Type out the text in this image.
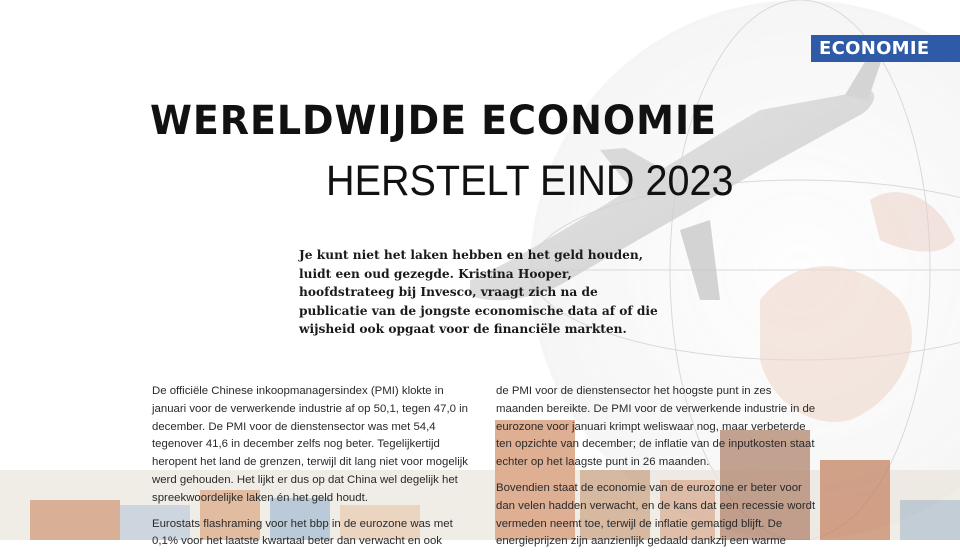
ECONOMIE
WERELDWIJDE ECONOMIE
HERSTELT EIND 2023
Je kunt niet het laken hebben en het geld houden, luidt een oud gezegde. Kristina Hooper, hoofdstrateeg bij Invesco, vraagt zich na de publicatie van de jongste economische data af of die wijsheid ook opgaat voor de financiële markten.

De officiële Chinese inkoopmanagersindex (PMI) klokte in januari voor de verwerkende industrie af op 50,1, tegen 47,0 in december. De PMI voor de dienstensector was met 54,4 tegenover 41,6 in december zelfs nog beter. Tegelijkertijd heropent het land de grenzen, terwijl dit lang niet voor mogelijk werd gehouden. Het lijkt er dus op dat China wel degelijk het spreekwoordelijke laken én het geld houdt.

Eurostats flashraming voor het bbp in de eurozone was met 0,1% voor het laatste kwartaal beter dan verwacht en ook

de PMI voor de dienstensector het hoogste punt in zes maanden bereikte. De PMI voor de verwerkende industrie in de eurozone voor januari krimpt weliswaar nog, maar verbeterde ten opzichte van december; de inflatie van de inputkosten staat echter op het laagste punt in 26 maanden.

Bovendien staat de economie van de eurozone er beter voor dan velen hadden verwacht, en de kans dat een recessie wordt vermeden neemt toe, terwijl de inflatie gematigd blijft. De energieprijzen zijn aanzienlijk gedaald dankzij een warme
